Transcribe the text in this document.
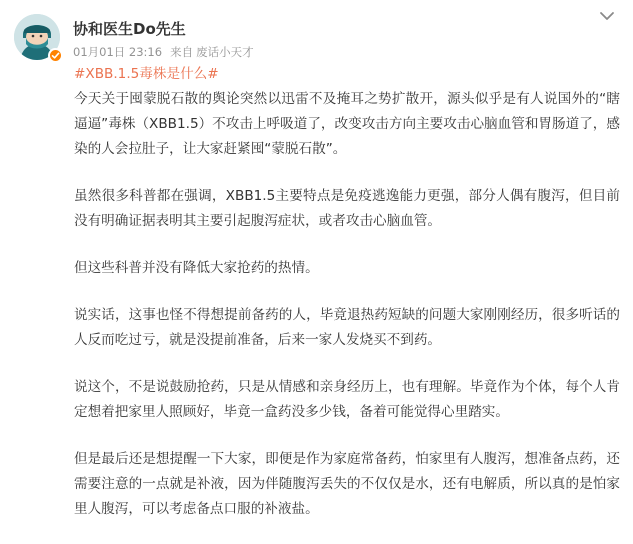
协和医生Do先生
01月01日 23:16 来自 废话小天才
#XBB.1.5毒株是什么#

今天关于囤蒙脱石散的舆论突然以迅雷不及掩耳之势扩散开，源头似乎是有人说国外的“瞎逼逼”毒株（XBB1.5）不攻击上呼吸道了，改变攻击方向主要攻击心脑血管和胃肠道了，感染的人会拉肚子，让大家赶紧囤“蒙脱石散”。

虽然很多科普都在强调，XBB1.5主要特点是免疫逃逸能力更强，部分人偶有腹泻，但目前没有明确证据表明其主要引起腹泻症状，或者攻击心脑血管。

但这些科普并没有降低大家抢药的热情。

说实话，这事也怪不得想提前备药的人，毕竟退热药短缺的问题大家刚刚经历，很多听话的人反而吃过亏，就是没提前准备，后来一家人发烧买不到药。

说这个，不是说鼓励抢药，只是从情感和亲身经历上，也有理解。毕竟作为个体，每个人肯定想着把家里人照顾好，毕竟一盒药没多少钱，备着可能觉得心里踏实。

但是最后还是想提醒一下大家，即便是作为家庭常备药，怕家里有人腹泻，想准备点药，还需要注意的一点就是补液，因为伴随腹泻丢失的不仅仅是水，还有电解质，所以真的是怕家里人腹泻，可以考虑备点口服的补液盐。
